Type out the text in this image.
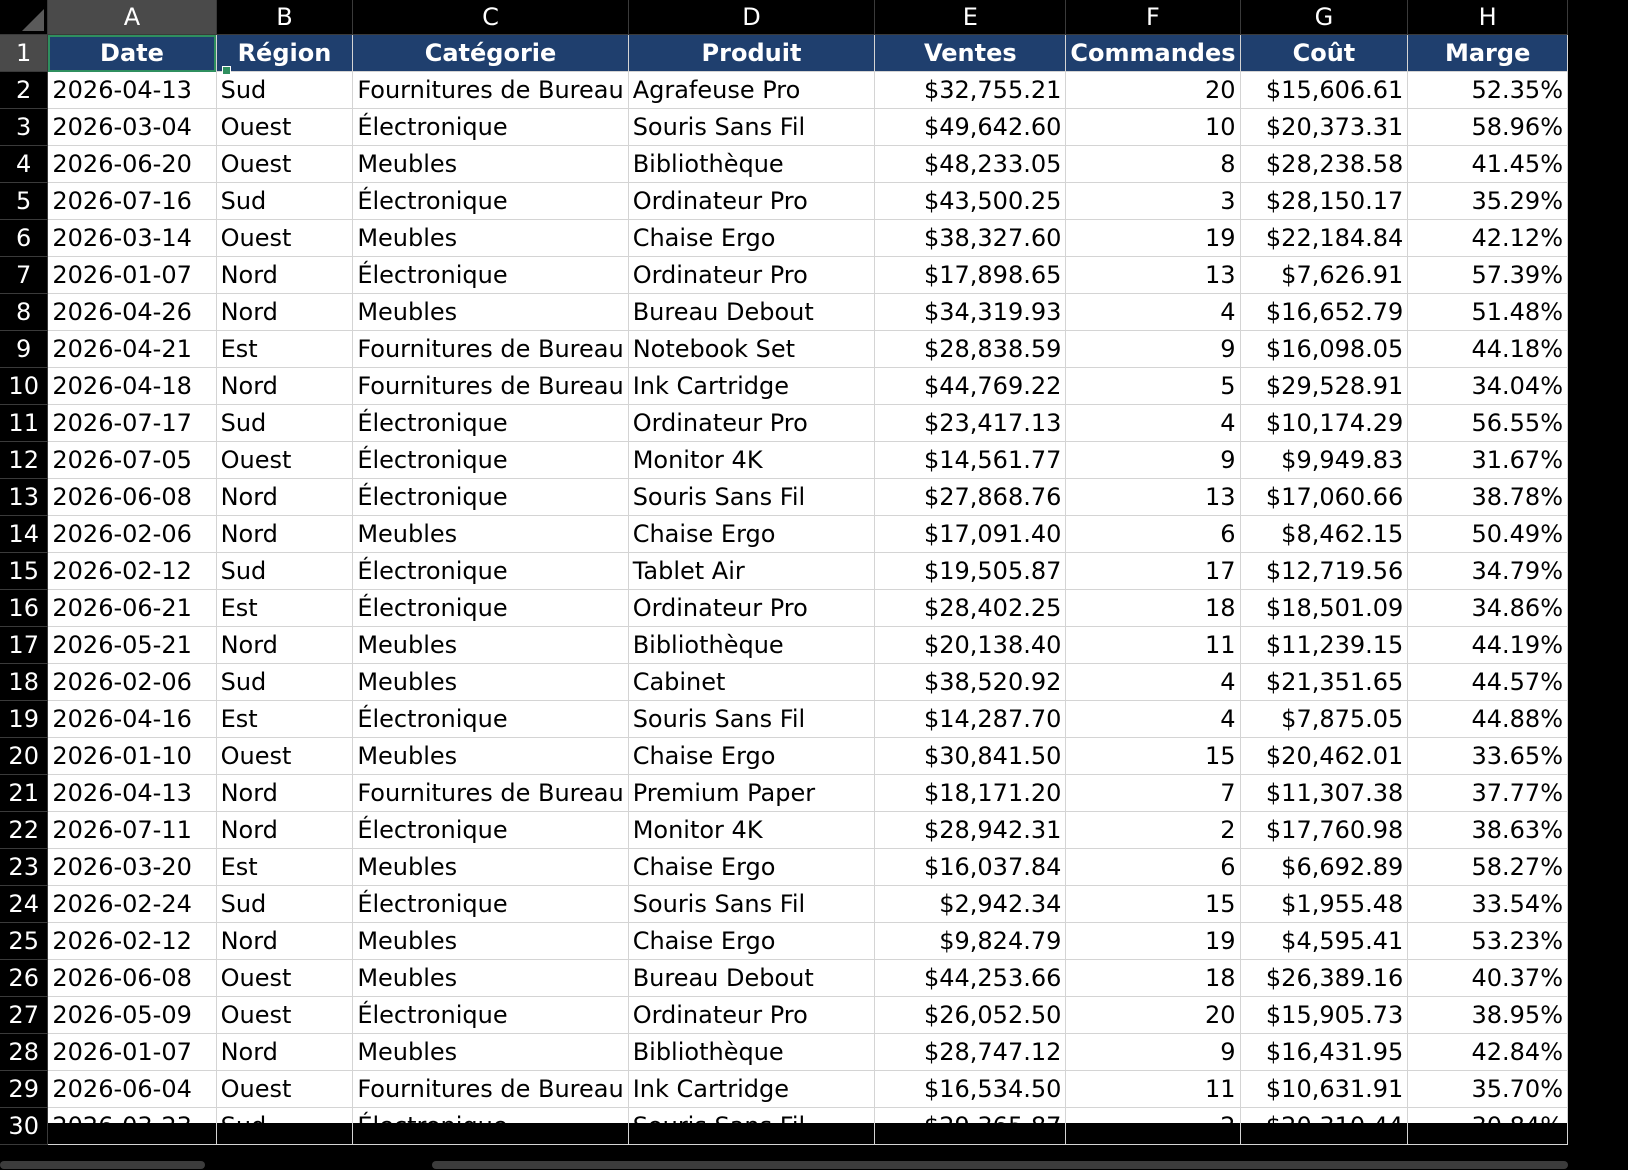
	A	B	C	D	E	F	G	H
1	Date	Région	Catégorie	Produit	Ventes	Commandes	Coût	Marge
2	2026-04-13	Sud	Fournitures de Bureau	Agrafeuse Pro	$32,755.21	20	$15,606.61	52.35%
3	2026-03-04	Ouest	Électronique	Souris Sans Fil	$49,642.60	10	$20,373.31	58.96%
4	2026-06-20	Ouest	Meubles	Bibliothèque	$48,233.05	8	$28,238.58	41.45%
5	2026-07-16	Sud	Électronique	Ordinateur Pro	$43,500.25	3	$28,150.17	35.29%
6	2026-03-14	Ouest	Meubles	Chaise Ergo	$38,327.60	19	$22,184.84	42.12%
7	2026-01-07	Nord	Électronique	Ordinateur Pro	$17,898.65	13	$7,626.91	57.39%
8	2026-04-26	Nord	Meubles	Bureau Debout	$34,319.93	4	$16,652.79	51.48%
9	2026-04-21	Est	Fournitures de Bureau	Notebook Set	$28,838.59	9	$16,098.05	44.18%
10	2026-04-18	Nord	Fournitures de Bureau	Ink Cartridge	$44,769.22	5	$29,528.91	34.04%
11	2026-07-17	Sud	Électronique	Ordinateur Pro	$23,417.13	4	$10,174.29	56.55%
12	2026-07-05	Ouest	Électronique	Monitor 4K	$14,561.77	9	$9,949.83	31.67%
13	2026-06-08	Nord	Électronique	Souris Sans Fil	$27,868.76	13	$17,060.66	38.78%
14	2026-02-06	Nord	Meubles	Chaise Ergo	$17,091.40	6	$8,462.15	50.49%
15	2026-02-12	Sud	Électronique	Tablet Air	$19,505.87	17	$12,719.56	34.79%
16	2026-06-21	Est	Électronique	Ordinateur Pro	$28,402.25	18	$18,501.09	34.86%
17	2026-05-21	Nord	Meubles	Bibliothèque	$20,138.40	11	$11,239.15	44.19%
18	2026-02-06	Sud	Meubles	Cabinet	$38,520.92	4	$21,351.65	44.57%
19	2026-04-16	Est	Électronique	Souris Sans Fil	$14,287.70	4	$7,875.05	44.88%
20	2026-01-10	Ouest	Meubles	Chaise Ergo	$30,841.50	15	$20,462.01	33.65%
21	2026-04-13	Nord	Fournitures de Bureau	Premium Paper	$18,171.20	7	$11,307.38	37.77%
22	2026-07-11	Nord	Électronique	Monitor 4K	$28,942.31	2	$17,760.98	38.63%
23	2026-03-20	Est	Meubles	Chaise Ergo	$16,037.84	6	$6,692.89	58.27%
24	2026-02-24	Sud	Électronique	Souris Sans Fil	$2,942.34	15	$1,955.48	33.54%
25	2026-02-12	Nord	Meubles	Chaise Ergo	$9,824.79	19	$4,595.41	53.23%
26	2026-06-08	Ouest	Meubles	Bureau Debout	$44,253.66	18	$26,389.16	40.37%
27	2026-05-09	Ouest	Électronique	Ordinateur Pro	$26,052.50	20	$15,905.73	38.95%
28	2026-01-07	Nord	Meubles	Bibliothèque	$28,747.12	9	$16,431.95	42.84%
29	2026-06-04	Ouest	Fournitures de Bureau	Ink Cartridge	$16,534.50	11	$10,631.91	35.70%
30	2026-03-23	Sud	Électronique	Souris Sans Fil	$29,365.87	2	$20,310.44	30.84%
